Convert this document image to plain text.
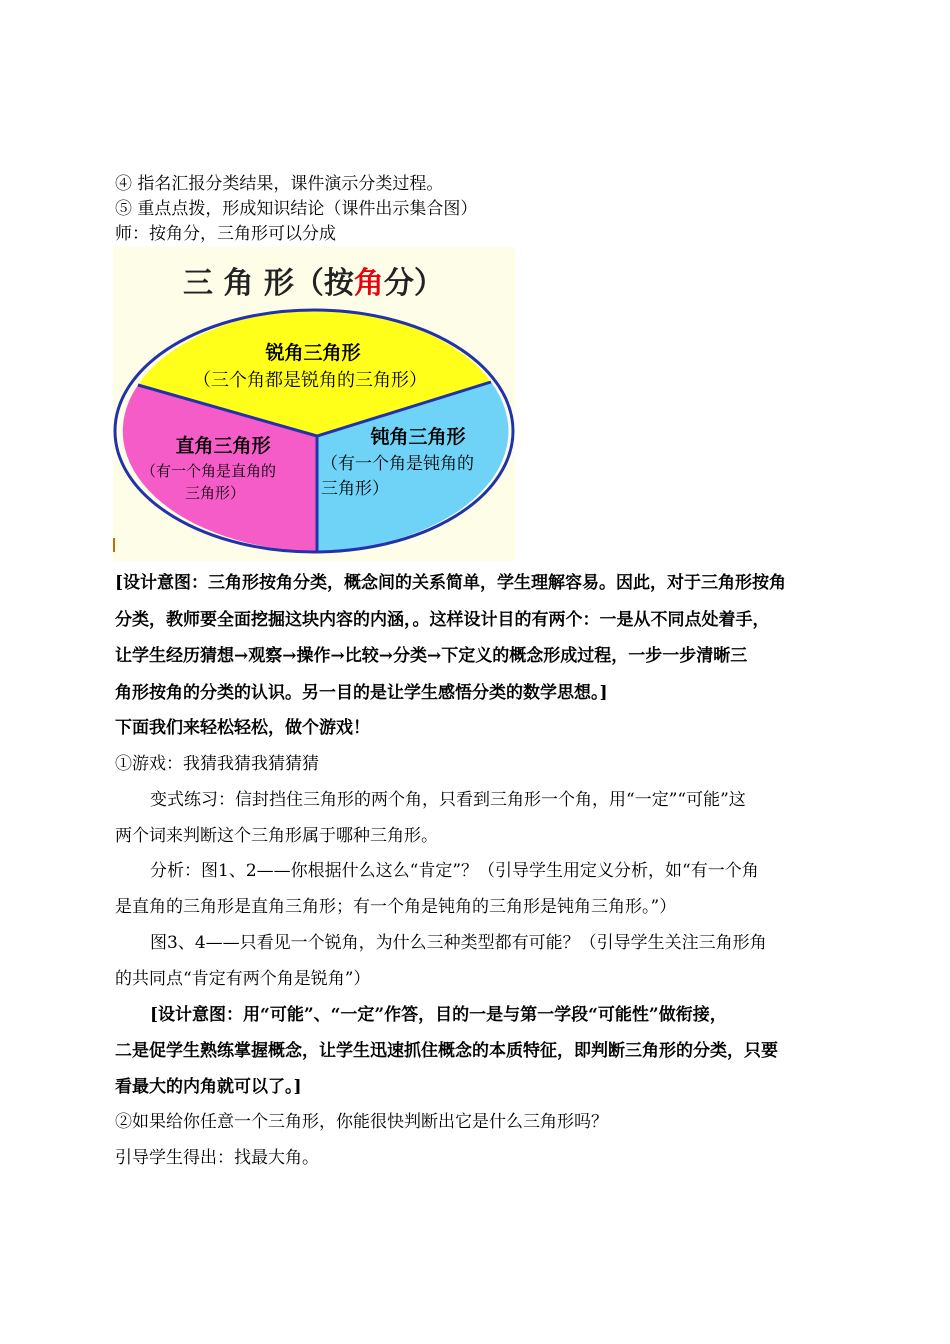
④ 指名汇报分类结果，课件演示分类过程。

⑤ 重点点拨，形成知识结论（课件出示集合图）

师：按角分，三角形可以分成

三 角 形（按角分）
锐角三角形
（三个角都是锐角的三角形）
直角三角形
（有一个角是直角的
三角形）
钝角三角形
（有一个角是钝角的
三角形）

[设计意图：三角形按角分类，概念间的关系简单，学生理解容易。因此，对于三角形按角

分类，教师要全面挖掘这块内容的内涵，。这样设计目的有两个：一是从不同点处着手，

让学生经历猜想→观察→操作→比较→分类→下定义的概念形成过程，一步一步清晰三

角形按角的分类的认识。另一目的是让学生感悟分类的数学思想。]

下面我们来轻松轻松，做个游戏！

①游戏：我猜我猜我猜猜猜

变式练习：信封挡住三角形的两个角，只看到三角形一个角，用“一定”“可能”这

两个词来判断这个三角形属于哪种三角形。

分析：图1、2——你根据什么这么“肯定”？（引导学生用定义分析，如“有一个角

是直角的三角形是直角三角形；有一个角是钝角的三角形是钝角三角形。”）

图3、4——只看见一个锐角，为什么三种类型都有可能？（引导学生关注三角形角

的共同点“肯定有两个角是锐角”）

[设计意图：用“可能”、“一定”作答，目的一是与第一学段“可能性”做衔接，

二是促学生熟练掌握概念，让学生迅速抓住概念的本质特征，即判断三角形的分类，只要

看最大的内角就可以了。]

②如果给你任意一个三角形，你能很快判断出它是什么三角形吗？

引导学生得出：找最大角。
